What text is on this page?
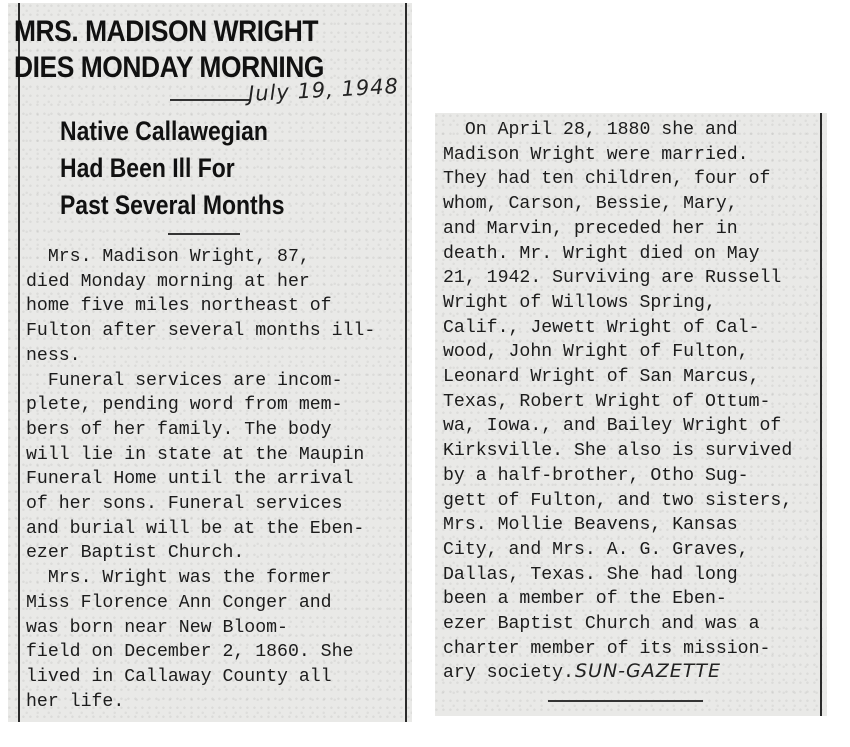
MRS. MADISON WRIGHT
DIES MONDAY MORNING
July 19, 1948
Native Callawegian
Had Been Ill For
Past Several Months
Mrs. Madison Wright, 87,
died Monday morning at her
home five miles northeast of
Fulton after several months ill-
ness.
Funeral services are incom-
plete, pending word from mem-
bers of her family. The body
will lie in state at the Maupin
Funeral Home until the arrival
of her sons. Funeral services
and burial will be at the Eben-
ezer Baptist Church.
Mrs. Wright was the former
Miss Florence Ann Conger and
was born near New Bloom-
field on December 2, 1860. She
lived in Callaway County all
her life.
On April 28, 1880 she and
Madison Wright were married.
They had ten children, four of
whom, Carson, Bessie, Mary,
and Marvin, preceded her in
death. Mr. Wright died on May
21, 1942. Surviving are Russell
Wright of Willows Spring,
Calif., Jewett Wright of Cal-
wood, John Wright of Fulton,
Leonard Wright of San Marcus,
Texas, Robert Wright of Ottum-
wa, Iowa., and Bailey Wright of
Kirksville. She also is survived
by a half-brother, Otho Sug-
gett of Fulton, and two sisters,
Mrs. Mollie Beavens, Kansas
City, and Mrs. A. G. Graves,
Dallas, Texas. She had long
been a member of the Eben-
ezer Baptist Church and was a
charter member of its mission-
ary society. SUN-GAZETTE
